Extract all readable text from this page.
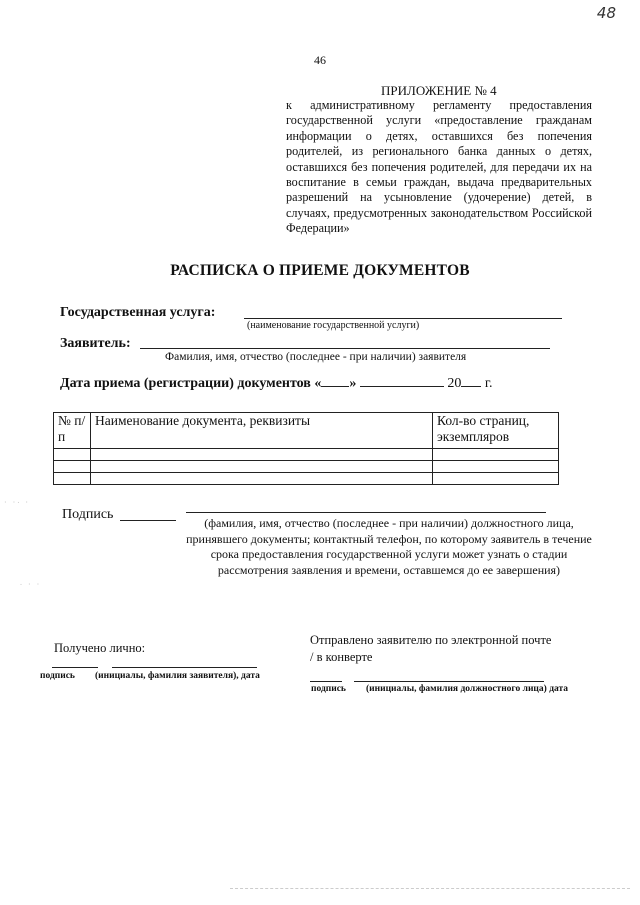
48
46
ПРИЛОЖЕНИЕ № 4
к административному регламенту предоставления государственной услуги «предоставление гражданам информации о детях, оставшихся без попечения родителей, из регионального банка данных о детях, оставшихся без попечения родителей, для передачи их на воспитание в семьи граждан, выдача предварительных разрешений на усыновление (удочерение) детей, в случаях, предусмотренных законодательством Российской Федерации»
РАСПИСКА О ПРИЕМЕ ДОКУМЕНТОВ
Государственная услуга:
(наименование государственной услуги)
Заявитель:
Фамилия, имя, отчество (последнее - при наличии) заявителя
Дата приема (регистрации) документов « »	20 г.
№ п/п	Наименование документа, реквизиты	Кол-во страниц, экземпляров

· ·∙ ·
∙ · ·
Подпись
(фамилия, имя, отчество (последнее - при наличии) должностного лица, принявшего документы; контактный телефон, по которому заявитель в течение срока предоставления государственной услуги может узнать о стадии рассмотрения заявления и времени, оставшемся до ее завершения)
Получено лично:
подпись (инициалы, фамилия заявителя), дата
Отправлено заявителю по электронной почте
/ в конверте
подпись (инициалы, фамилия должностного лица) дата
